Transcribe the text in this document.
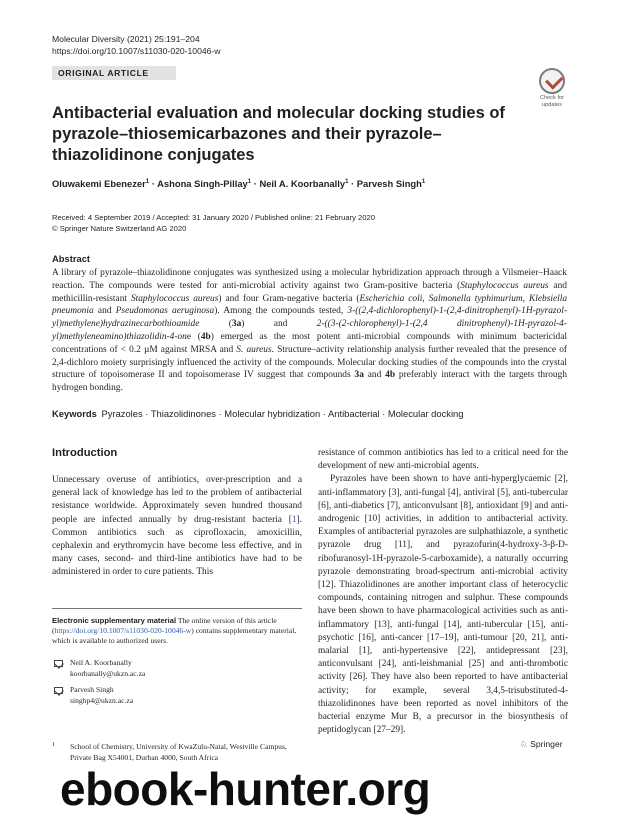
Molecular Diversity (2021) 25:191–204
https://doi.org/10.1007/s11030-020-10046-w
ORIGINAL ARTICLE
Check for
updates
Antibacterial evaluation and molecular docking studies of pyrazole–thiosemicarbazones and their pyrazole–thiazolidinone conjugates
Oluwakemi Ebenezer$^1$ · Ashona Singh-Pillay$^1$ · Neil A. Koorbanally$^1$ · Parvesh Singh$^1$
Received: 4 September 2019 / Accepted: 31 January 2020 / Published online: 21 February 2020
© Springer Nature Switzerland AG 2020
Abstract
A library of pyrazole–thiazolidinone conjugates was synthesized using a molecular hybridization approach through a Vilsmeier–Haack reaction. The compounds were tested for anti-microbial activity against two Gram-positive bacteria (Staphylococcus aureus and methicillin-resistant Staphylococcus aureus) and four Gram-negative bacteria (Escherichia coli, Salmonella typhimurium, Klebsiella pneumonia and Pseudomonas aeruginosa). Among the compounds tested, 3-((2,4-dichlorophenyl)-1-(2,4-dinitrophenyl)-1H-pyrazol-yl)methylene)hydrazinecarbothioamide (3a) and 2-((3-(2-chlorophenyl)-1-(2,4 dinitrophenyl)-1H-pyrazol-4-yl)methyleneamino)thiazolidin-4-one (4b) emerged as the most potent anti-microbial compounds with minimum bactericidal concentrations of < 0.2 µM against MRSA and S. aureus. Structure–activity relationship analysis further revealed that the presence of 2,4-dichloro moiety surprisingly influenced the activity of the compounds. Molecular docking studies of the compounds into the crystal structure of topoisomerase II and topoisomerase IV suggest that compounds 3a and 4b preferably interact with the targets through hydrogen bonding.
Keywords Pyrazoles · Thiazolidinones · Molecular hybridization · Antibacterial · Molecular docking
Introduction

Unnecessary overuse of antibiotics, over-prescription and a general lack of knowledge has led to the problem of antibacterial resistance worldwide. Approximately seven hundred thousand people are infected annually by drug-resistant bacteria [1]. Common antibiotics such as ciprofloxacin, amoxicillin, cephalexin and erythromycin have become less effective, and in many cases, second- and third-line antibiotics have had to be administered in order to cure patients. This

resistance of common antibiotics has led to a critical need for the development of new anti-microbial agents.

Pyrazoles have been shown to have anti-hyperglycaemic [2], anti-inflammatory [3], anti-fungal [4], antiviral [5], anti-tubercular [6], anti-diabetics [7], anticonvulsant [8], antioxidant [9] and anti-androgenic [10] activities, in addition to antibacterial activity. Examples of antibacterial pyrazoles are sulphathiazole, a synthetic pyrazole drug [11], and pyrazofurin(4-hydroxy-3-β-D-ribofuranosyl-1H-pyrazole-5-carboxamide), a naturally occurring pyrazole demonstrating broad-spectrum anti-microbial activity [12]. Thiazolidinones are another important class of heterocyclic compounds, containing nitrogen and sulphur. These compounds have been shown to have pharmacological activities such as anti-inflammatory [13], anti-fungal [14], anti-tubercular [15], anti-psychotic [16], anti-cancer [17–19], anti-tumour [20, 21], anti-malarial [1], anti-hypertensive [22], antidepressant [23], anticonvulsant [24], anti-leishmanial [25] and anti-thrombotic activity [26]. They have also been reported to have antibacterial activity; for example, several 3,4,5-trisubstituted-4-thiazolidinones have been reported as novel inhibitors of the bacterial enzyme Mur B, a precursor in the biosynthesis of peptidoglycan [27–29].

Electronic supplementary material The online version of this article (https://doi.org/10.1007/s11030-020-10046-w) contains supplementary material, which is available to authorized users.
Neil A. Koorbanally
koorbanally@ukzn.ac.za
Parvesh Singh
singhp4@ukzn.ac.za
1 School of Chemistry, University of KwaZulu-Natal, Westville Campus, Private Bag X54001, Durban 4000, South Africa
♘ Springer
ebook-hunter.org
